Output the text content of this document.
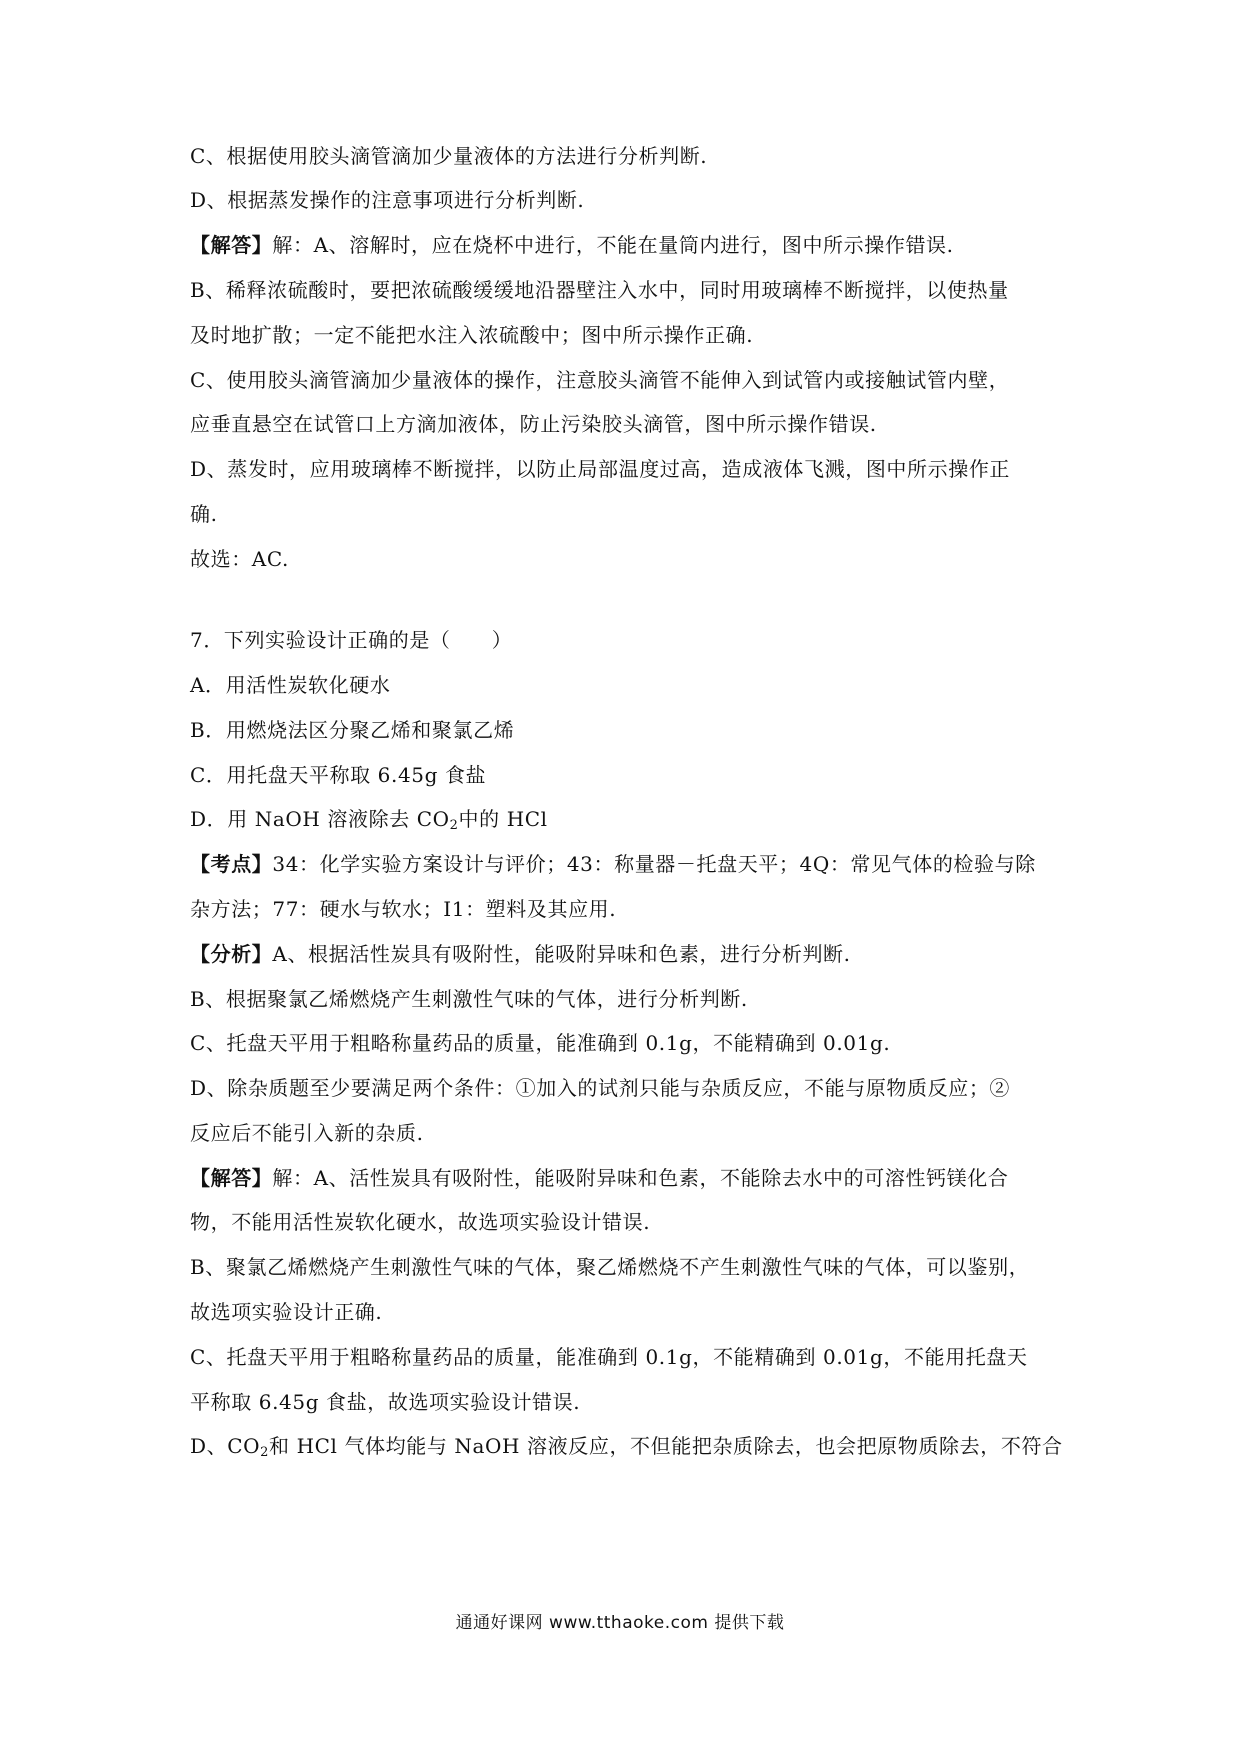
C、根据使用胶头滴管滴加少量液体的方法进行分析判断.
D、根据蒸发操作的注意事项进行分析判断.
【解答】解：A、溶解时，应在烧杯中进行，不能在量筒内进行，图中所示操作错误.
B、稀释浓硫酸时，要把浓硫酸缓缓地沿器壁注入水中，同时用玻璃棒不断搅拌，以使热量
及时地扩散；一定不能把水注入浓硫酸中；图中所示操作正确.
C、使用胶头滴管滴加少量液体的操作，注意胶头滴管不能伸入到试管内或接触试管内壁，
应垂直悬空在试管口上方滴加液体，防止污染胶头滴管，图中所示操作错误.
D、蒸发时，应用玻璃棒不断搅拌，以防止局部温度过高，造成液体飞溅，图中所示操作正
确.
故选：AC.
7．下列实验设计正确的是（　　）
A．用活性炭软化硬水
B．用燃烧法区分聚乙烯和聚氯乙烯
C．用托盘天平称取 6.45g 食盐
D．用 NaOH 溶液除去 $CO_2$中的 HCl
【考点】34：化学实验方案设计与评价；43：称量器－托盘天平；4Q：常见气体的检验与除
杂方法；77：硬水与软水；I1：塑料及其应用.
【分析】A、根据活性炭具有吸附性，能吸附异味和色素，进行分析判断.
B、根据聚氯乙烯燃烧产生刺激性气味的气体，进行分析判断.
C、托盘天平用于粗略称量药品的质量，能准确到 0.1g，不能精确到 0.01g.
D、除杂质题至少要满足两个条件：①加入的试剂只能与杂质反应，不能与原物质反应；②
反应后不能引入新的杂质.
【解答】解：A、活性炭具有吸附性，能吸附异味和色素，不能除去水中的可溶性钙镁化合
物，不能用活性炭软化硬水，故选项实验设计错误.
B、聚氯乙烯燃烧产生刺激性气味的气体，聚乙烯燃烧不产生刺激性气味的气体，可以鉴别，
故选项实验设计正确.
C、托盘天平用于粗略称量药品的质量，能准确到 0.1g，不能精确到 0.01g，不能用托盘天
平称取 6.45g 食盐，故选项实验设计错误.
D、$CO_2$和 HCl 气体均能与 NaOH 溶液反应，不但能把杂质除去，也会把原物质除去，不符合
通通好课网 www.tthaoke.com 提供下载
